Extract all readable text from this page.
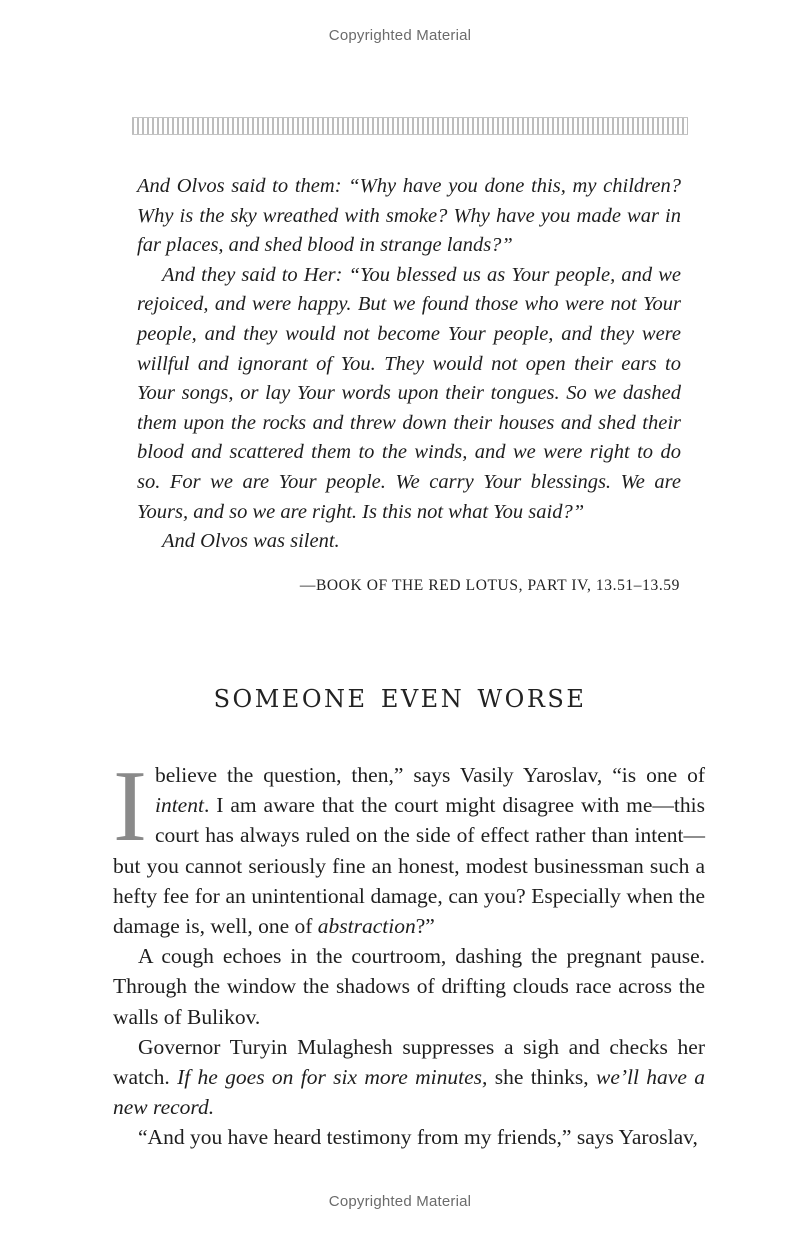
Copyrighted Material

And Olvos said to them: “Why have you done this, my children? Why is the sky wreathed with smoke? Why have you made war in far places, and shed blood in strange lands?”

And they said to Her: “You blessed us as Your people, and we rejoiced, and were happy. But we found those who were not Your people, and they would not become Your people, and they were willful and ignorant of You. They would not open their ears to Your songs, or lay Your words upon their tongues. So we dashed them upon the rocks and threw down their houses and shed their blood and scattered them to the winds, and we were right to do so. For we are Your people. We carry Your blessings. We are Yours, and so we are right. Is this not what You said?”

And Olvos was silent.

—BOOK OF THE RED LOTUS, PART IV, 13.51–13.59
someone even worse

I believe the question, then,” says Vasily Yaroslav, “is one of intent. I am aware that the court might disagree with me—this court has always ruled on the side of effect rather than intent—but you cannot seriously fine an honest, modest businessman such a hefty fee for an unintentional damage, can you? Especially when the damage is, well, one of abstraction?”

A cough echoes in the courtroom, dashing the pregnant pause. Through the window the shadows of drifting clouds race across the walls of Bulikov.

Governor Turyin Mulaghesh suppresses a sigh and checks her watch. If he goes on for six more minutes, she thinks, we’ll have a new record.

“And you have heard testimony from my friends,” says Yaroslav,

Copyrighted Material
